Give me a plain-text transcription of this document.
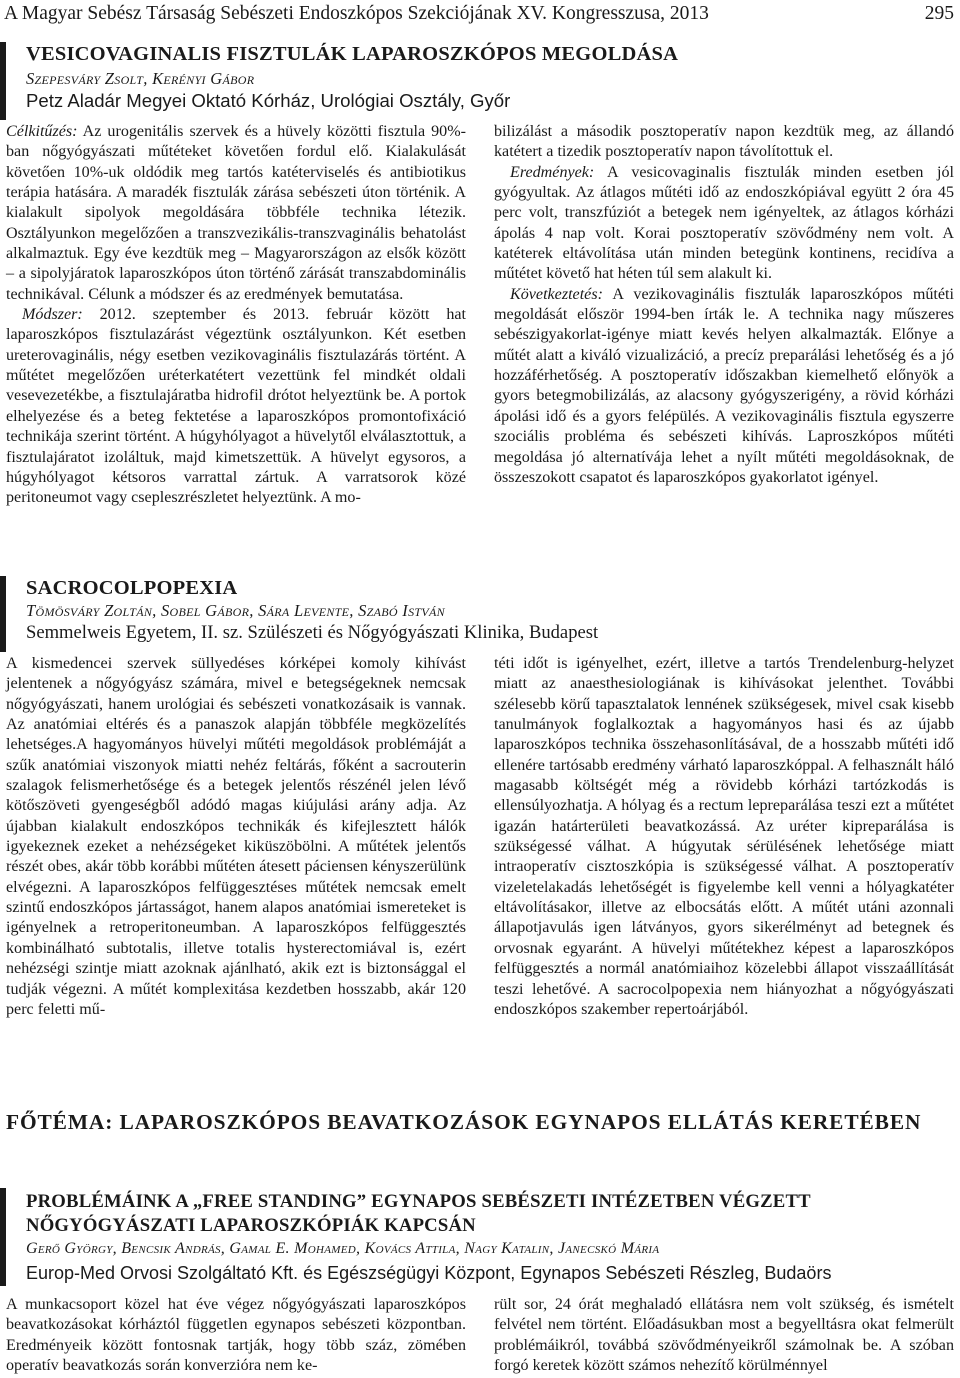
A Magyar Sebész Társaság Sebészeti Endoszkópos Szekciójának XV. Kongresszusa, 2013	295
VESICOVAGINALIS FISZTULÁK LAPAROSZKÓPOS MEGOLDÁSA
Szepesváry Zsolt, Kerényi Gábor
Petz Aladár Megyei Oktató Kórház, Urológiai Osztály, Győr

Célkitűzés: Az urogenitális szervek és a hüvely közötti fisztula 90%-ban nőgyógyászati műtéteket követően fordul elő. Kialakulását követően 10%-uk oldódik meg tartós katéterviselés és antibiotikus terápia hatására. A maradék fisztulák zárása sebészeti úton történik. A kialakult sipolyok megoldására többféle technika létezik. Osztályunkon megelőzően a transzvezikális-transzvaginális behatolást alkalmaztuk. Egy éve kezdtük meg – Magyarországon az elsők között – a sipolyjáratok laparoszkópos úton történő zárását transzabdominális technikával. Célunk a módszer és az eredmények bemutatása.

Módszer: 2012. szeptember és 2013. február között hat laparoszkópos fisztulazárást végeztünk osztályunkon. Két esetben ureterovaginális, négy esetben vezikovaginális fisztulazárás történt. A műtétet megelőzően uréterkatétert vezettünk fel mindkét oldali vesevezetékbe, a fisztulajáratba hidrofil drótot helyeztünk be. A portok elhelyezése és a beteg fektetése a laparoszkópos promontofixáció technikája szerint történt. A húgyhólyagot a hüvelytől elválasztottuk, a fisztulajáratot izoláltuk, majd kimetszettük. A hüvelyt egysoros, a húgyhólyagot kétsoros varrattal zártuk. A varratsorok közé peritoneumot vagy csepleszrészletet helyeztünk. A mo-

bilizálást a második posztoperatív napon kezdtük meg, az állandó katétert a tizedik posztoperatív napon távolítottuk el.

Eredmények: A vesicovaginalis fisztulák minden esetben jól gyógyultak. Az átlagos műtéti idő az endoszkópiával együtt 2 óra 45 perc volt, transzfúziót a betegek nem igényeltek, az átlagos kórházi ápolás 4 nap volt. Korai posztoperatív szövődmény nem volt. A katéterek eltávolítása után minden betegünk kontinens, recidíva a műtétet követő hat héten túl sem alakult ki.

Következtetés: A vezikovaginális fisztulák laparoszkópos műtéti megoldását először 1994-ben írták le. A technika nagy műszeres sebészigyakorlat-igénye miatt kevés helyen alkalmazták. Előnye a műtét alatt a kiváló vizualizáció, a precíz preparálási lehetőség és a jó hozzáférhetőség. A posztoperatív időszakban kiemelhető előnyök a gyors betegmobilizálás, az alacsony gyógyszerigény, a rövid kórházi ápolási idő és a gyors felépülés. A vezikovaginális fisztula egyszerre szociális probléma és sebészeti kihívás. Laproszkópos műtéti megoldása jó alternatívája lehet a nyílt műtéti megoldásoknak, de összeszokott csapatot és laparoszkópos gyakorlatot igényel.

SACROCOLPOPEXIA
Tömösváry Zoltán, Sobel Gábor, Sára Levente, Szabó István
Semmelweis Egyetem, II. sz. Szülészeti és Nőgyógyászati Klinika, Budapest

A kismedencei szervek süllyedéses kórképei komoly kihívást jelentenek a nőgyógyász számára, mivel e betegségeknek nemcsak nőgyógyászati, hanem urológiai és sebészeti vonatkozásaik is vannak. Az anatómiai eltérés és a panaszok alapján többféle megközelítés lehetséges.A hagyományos hüvelyi műtéti megoldások problémáját a szűk anatómiai viszonyok miatti nehéz feltárás, főként a sacrouterin szalagok felismerhetősége és a betegek jelentős részénél jelen lévő kötőszöveti gyengeségből adódó magas kiújulási arány adja. Az újabban kialakult endoszkópos technikák és kifejlesztett hálók igyekeznek ezeket a nehézségeket kiküszöbölni. A műtétek jelentős részét obes, akár több korábbi műtéten átesett páciensen kényszerülünk elvégezni. A laparoszkópos felfüggesztéses műtétek nemcsak emelt szintű endoszkópos jártasságot, hanem alapos anatómiai ismereteket is igényelnek a retroperitoneumban. A laparoszkópos felfüggesztés kombinálható subtotalis, illetve totalis hysterectomiával is, ezért nehézségi szintje miatt azoknak ajánlható, akik ezt is biztonsággal el tudják végezni. A műtét komplexitása kezdetben hosszabb, akár 120 perc feletti mű-

téti időt is igényelhet, ezért, illetve a tartós Trendelenburg-helyzet miatt az anaesthesiologiának is kihívásokat jelenthet. További szélesebb körű tapasztalatok lennének szükségesek, mivel csak kisebb tanulmányok foglalkoztak a hagyományos hasi és az újabb laparoszkópos technika összehasonlításával, de a hosszabb műtéti idő ellenére tartósabb eredmény várható laparoszkóppal. A felhasznált háló magasabb költségét még a rövidebb kórházi tartózkodás is ellensúlyozhatja. A hólyag és a rectum lepreparálása teszi ezt a műtétet igazán határterületi beavatkozássá. Az uréter kipreparálása is szükségessé válhat. A húgyutak sérülésének lehetősége miatt intraoperatív cisztoszkópia is szükségessé válhat. A posztoperatív vizeletelakadás lehetőségét is figyelembe kell venni a hólyagkatéter eltávolításakor, illetve az elbocsátás előtt. A műtét utáni azonnali állapotjavulás igen látványos, gyors sikerélményt ad betegnek és orvosnak egyaránt. A hüvelyi műtétekhez képest a laparoszkópos felfüggesztés a normál anatómiaihoz közelebbi állapot visszaállítását teszi lehetővé. A sacrocolpopexia nem hiányozhat a nőgyógyászati endoszkópos szakember repertoárjából.

FŐTÉMA: LAPAROSZKÓPOS BEAVATKOZÁSOK EGYNAPOS ELLÁTÁS KERETÉBEN
PROBLÉMÁINK A „FREE STANDING” EGYNAPOS SEBÉSZETI INTÉZETBEN VÉGZETT
NŐGYÓGYÁSZATI LAPAROSZKÓPIÁK KAPCSÁN
Gerő György, Bencsik András, Gamal E. Mohamed, Kovács Attila, Nagy Katalin, Janecskó Mária
Europ-Med Orvosi Szolgáltató Kft. és Egészségügyi Központ, Egynapos Sebészeti Részleg, Budaörs

A munkacsoport közel hat éve végez nőgyógyászati laparoszkópos beavatkozásokat kórháztól független egynapos sebészeti központban. Eredményeik között fontosnak tartják, hogy több száz, zömében operatív beavatkozás során konverzióra nem ke-

rült sor, 24 órát meghaladó ellátásra nem volt szükség, és ismételt felvétel nem történt. Előadásukban most a begyelltásra okat felmerült problémáikról, továbbá szövődményeikről számolnak be. A szóban forgó keretek között számos nehezítő körülménnyel
